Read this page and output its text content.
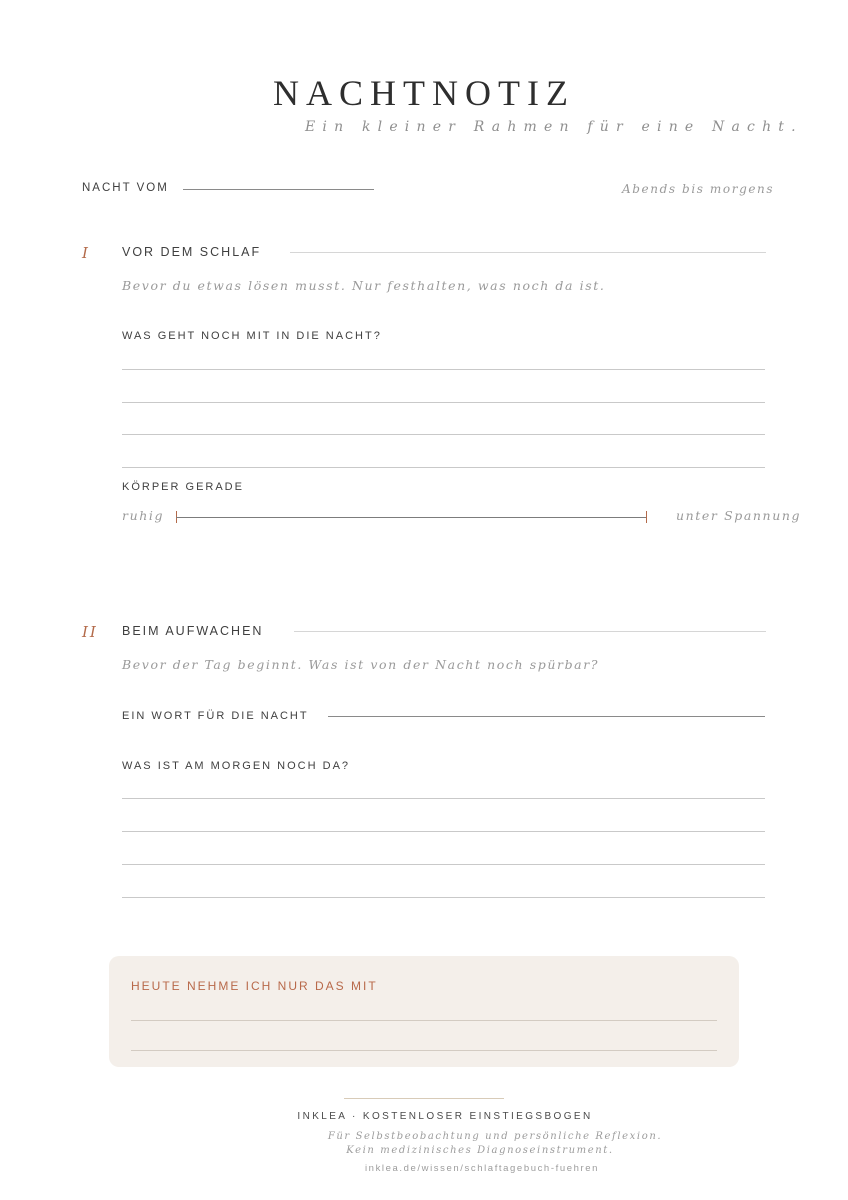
NACHTNOTIZ
Ein kleiner Rahmen für eine Nacht.
NACHT VOM	Abends bis morgens
I	VOR DEM SCHLAF
Bevor du etwas lösen musst. Nur festhalten, was noch da ist.
WAS GEHT NOCH MIT IN DIE NACHT?
KÖRPER GERADE
ruhig	unter Spannung
II BEIM AUFWACHEN
Bevor der Tag beginnt. Was ist von der Nacht noch spürbar?
EIN WORT FÜR DIE NACHT
WAS IST AM MORGEN NOCH DA?
HEUTE NEHME ICH NUR DAS MIT
INKLEA · KOSTENLOSER EINSTIEGSBOGEN
Für Selbstbeobachtung und persönliche Reflexion.
Kein medizinisches Diagnoseinstrument.
inklea.de/wissen/schlaftagebuch-fuehren
